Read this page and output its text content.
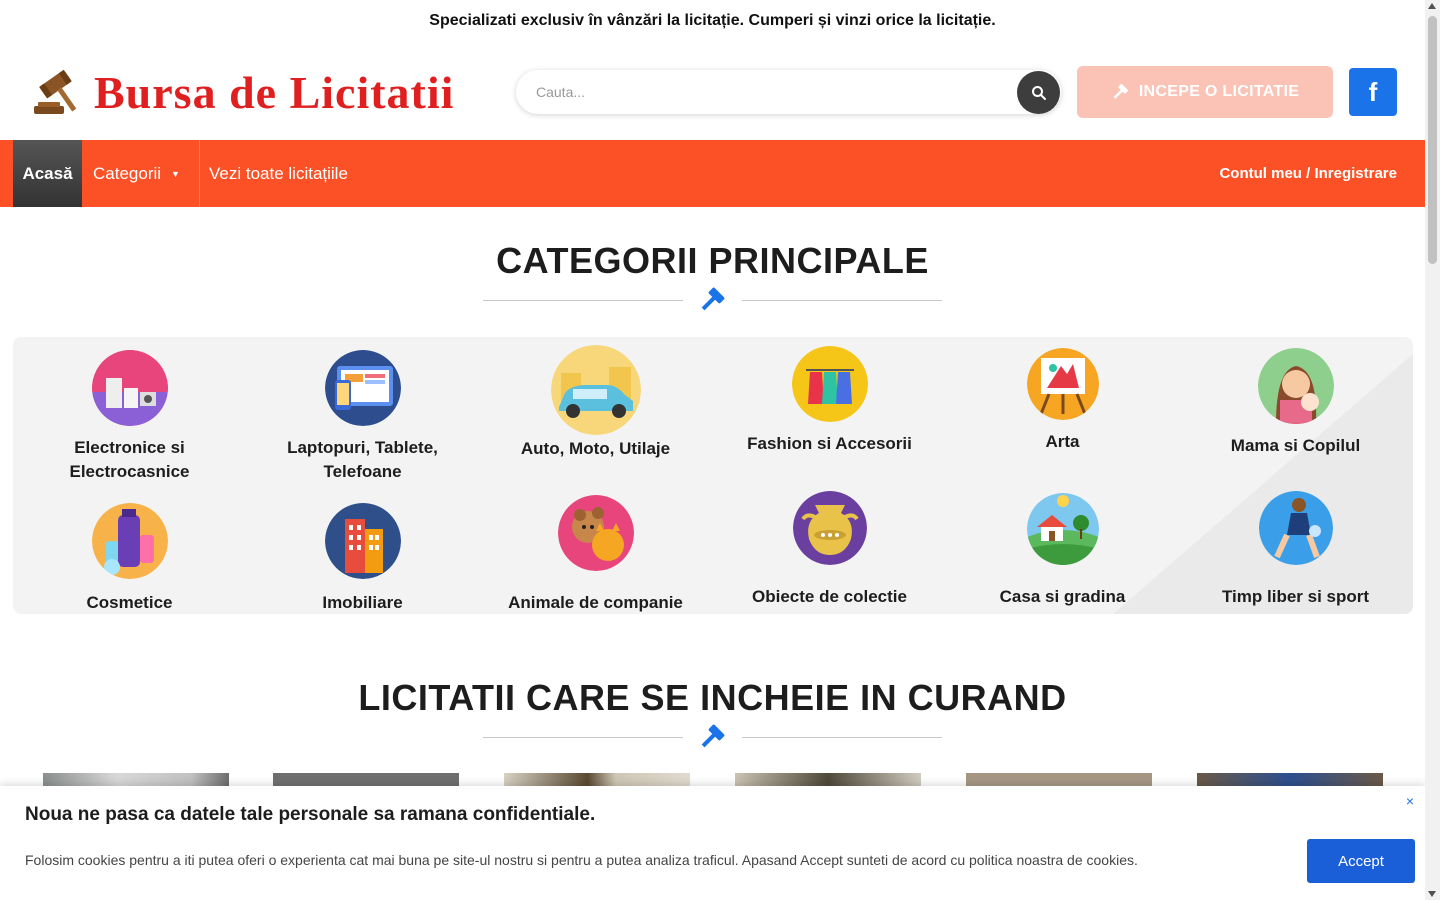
Specializati exclusiv în vânzări la licitație. Cumperi și vinzi orice la licitație.
Bursa de Licitatii
Cauta...	INCEPE O LICITATIE	f
Acasă	Categorii ▼ Vezi toate licitațiile	Contul meu / Inregistrare
CATEGORII PRINCIPALE
Electronice si Electrocasnice
Laptopuri, Tablete, Telefoane
Auto, Moto, Utilaje	Fashion si Accesorii	Arta	Mama si Copilul
Cosmetice	Imobiliare	Animale de companie	Obiecte de colectie	Casa si gradina	Timp liber si sport
LICITATII CARE SE INCHEIE IN CURAND
Noua ne pasa ca datele tale personale sa ramana confidentiale.
Folosim cookies pentru a iti putea oferi o experienta cat mai buna pe site-ul nostru si pentru a putea analiza traficul. Apasand Accept sunteti de acord cu politica noastra de cookies.
×
Accept
